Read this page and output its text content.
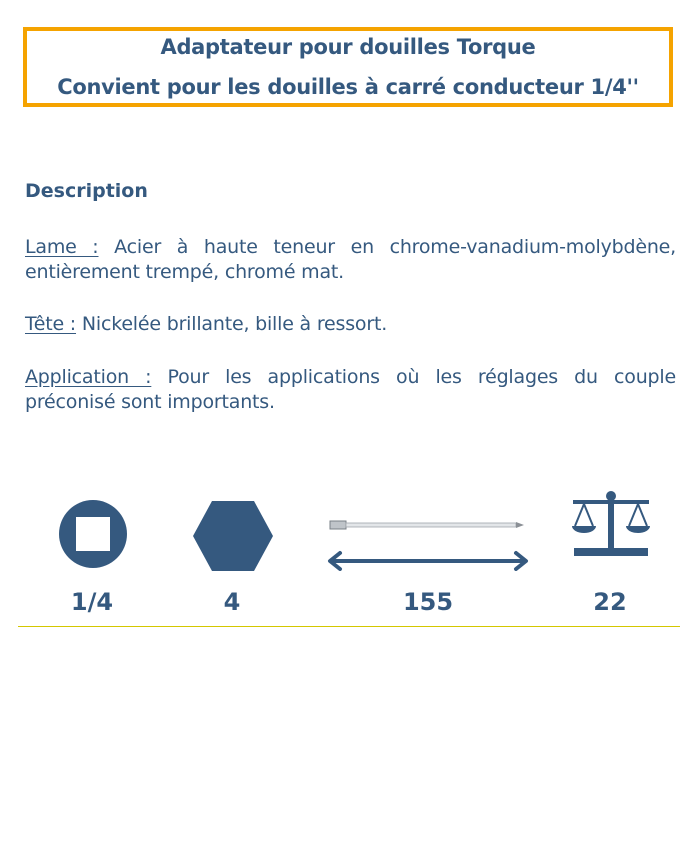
Adaptateur pour douilles Torque
Convient pour les douilles à carré conducteur 1/4''
Description
Lame : Acier à haute teneur en chrome-vanadium-molybdène, entièrement trempé, chromé mat.
Tête : Nickelée brillante, bille à ressort.
Application : Pour les applications où les réglages du couple préconisé sont importants.
1/4	4	155	22
